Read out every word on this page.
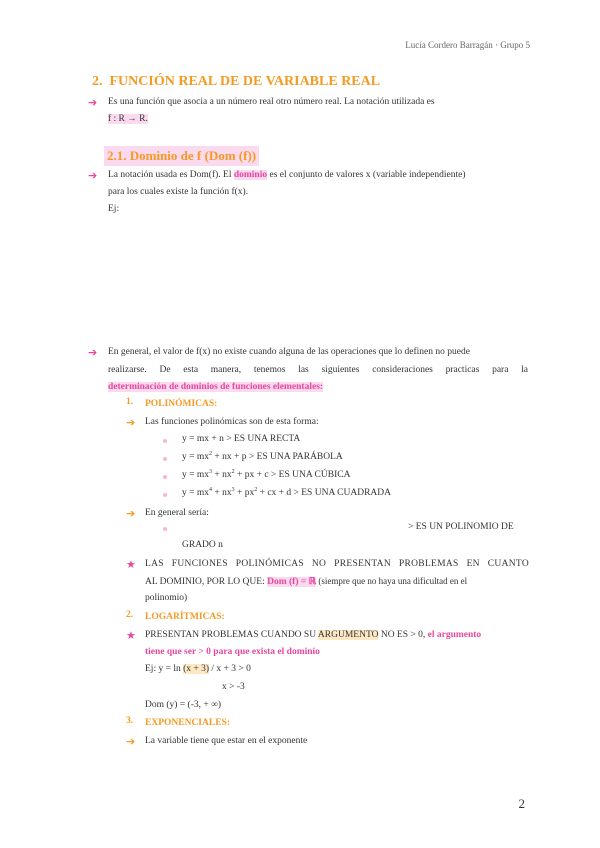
Lucía Cordero Barragán · Grupo 5
2. FUNCIÓN REAL DE DE VARIABLE REAL
➔ Es una función que asocia a un número real otro número real. La notación utilizada es
f : R → R.
2.1. Dominio de f (Dom (f))
➔ La notación usada es Dom(f). El dominio es el conjunto de valores x (variable independiente)
para los cuales existe la función f(x).
Ej:
➔ En general, el valor de f(x) no existe cuando alguna de las operaciones que lo definen no puede
realizarse. De esta manera, tenemos las siguientes consideraciones practicas para la
determinación de dominios de funciones elementales:
1. POLINÓMICAS:
➔ Las funciones polinómicas son de esta forma:
y = mx + n > ES UNA RECTA
$y = mx^2$ + nx + p > ES UNA PARÁBOLA
$y = mx^3 + nx^2$ + px + c > ES UNA CÚBICA
$y = mx^4 + nx^3 + px^2$ + cx + d > ES UNA CUADRADA
➔ En general sería:
> ES UN POLINOMIO DE
GRADO n
★ LAS FUNCIONES POLINÓMICAS NO PRESENTAN PROBLEMAS EN CUANTO
AL DOMINIO, POR LO QUE: Dom (f) = ℝ (siempre que no haya una dificultad en el
polinomio)
2. LOGARÍTMICAS:
★ PRESENTAN PROBLEMAS CUANDO SU ARGUMENTO NO ES > 0, el argumento
tiene que ser > 0 para que exista el dominio
Ej: y = ln (x + 3) / x + 3 > 0
x > -3
Dom (y) = (-3, + ∞)
3. EXPONENCIALES:
➔ La variable tiene que estar en el exponente
2
